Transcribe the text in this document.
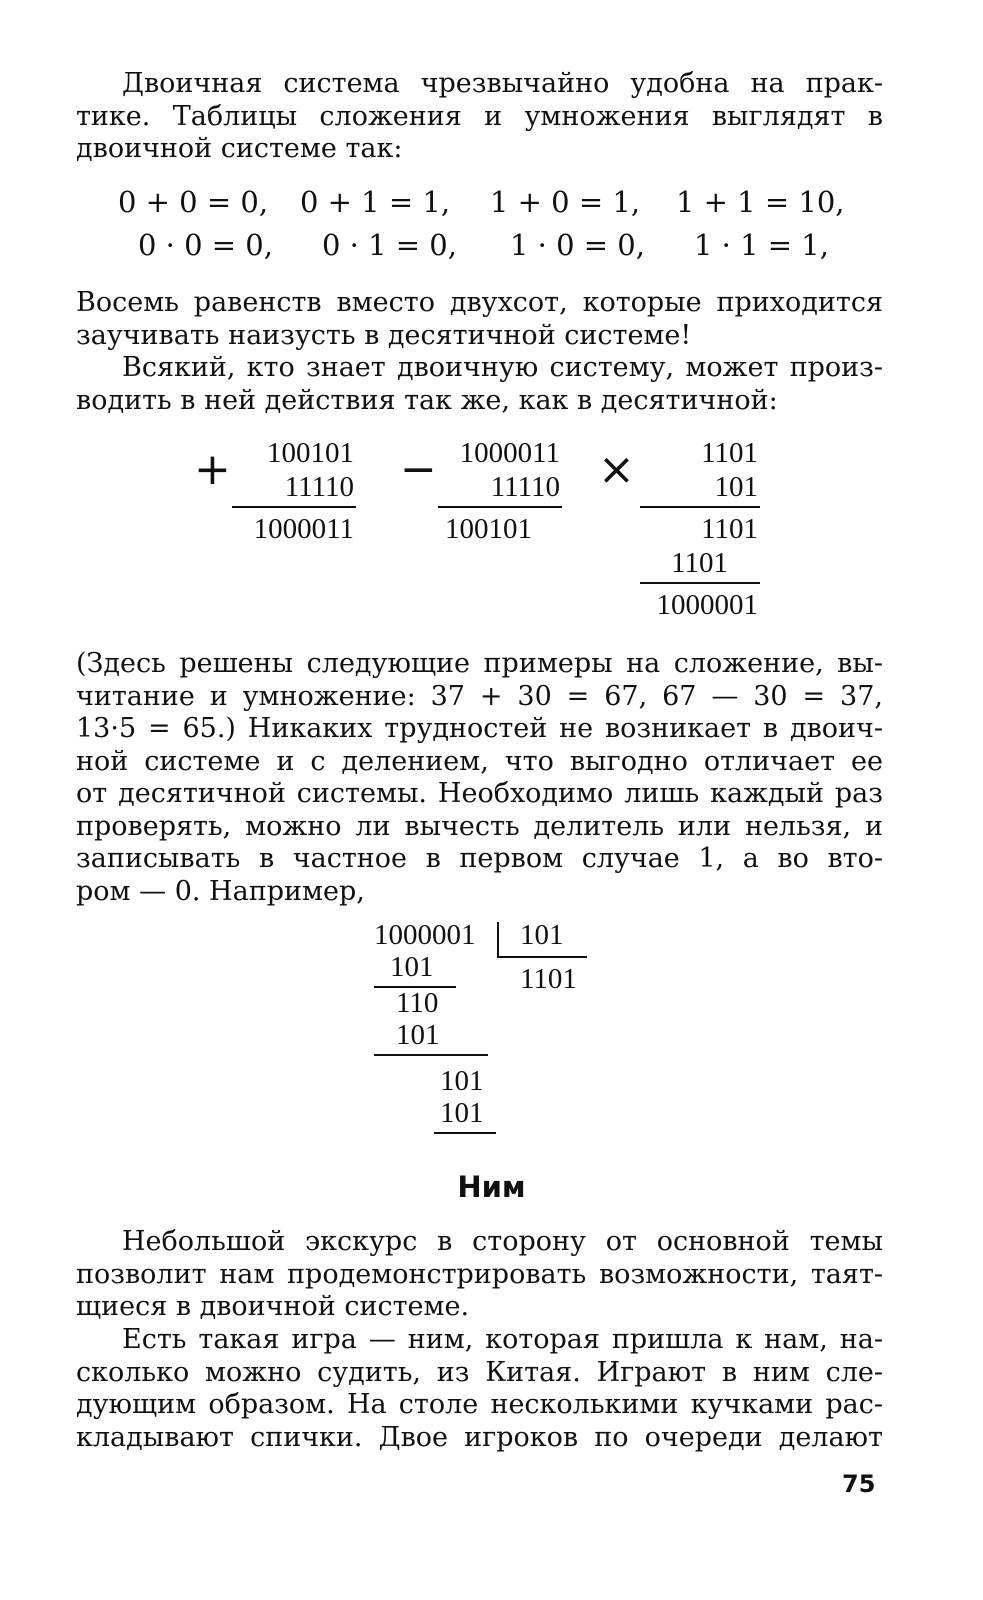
Двоичная система чрезвычайно удобна на прак-
тике. Таблицы сложения и умножения выглядят в
двоичной системе так:

0 + 0 = 0, 0 + 1 = 1, 1 + 0 = 1, 1 + 1 = 10,
0 · 0 = 0, 0 · 1 = 0, 1 · 0 = 0, 1 · 1 = 1,

Восемь равенств вместо двухсот, которые приходится
заучивать наизусть в десятичной системе!

Всякий, кто знает двоичную систему, может произ-
водить в ней действия так же, как в десятичной:

+	100101
11110
1000011
− 1000011
11110
100101
×	1101
101
1101
1101
1000001

(Здесь решены следующие примеры на сложение, вы-
читание и умножение: 37 + 30 = 67, 67 — 30 = 37,
13·5 = 65.) Никаких трудностей не возникает в двоич-
ной системе и с делением, что выгодно отличает ее
от десятичной системы. Необходимо лишь каждый раз
проверять, можно ли вычесть делитель или нельзя, и
записывать в частное в первом случае 1, а во вто-
ром — 0. Например,

1000001 101
1101
101
110
101
101
101
Ним

Небольшой экскурс в сторону от основной темы
позволит нам продемонстрировать возможности, таят-
щиеся в двоичной системе.

Есть такая игра — ним, которая пришла к нам, на-
сколько можно судить, из Китая. Играют в ним сле-
дующим образом. На столе несколькими кучками рас-
кладывают спички. Двое игроков по очереди делают

75
